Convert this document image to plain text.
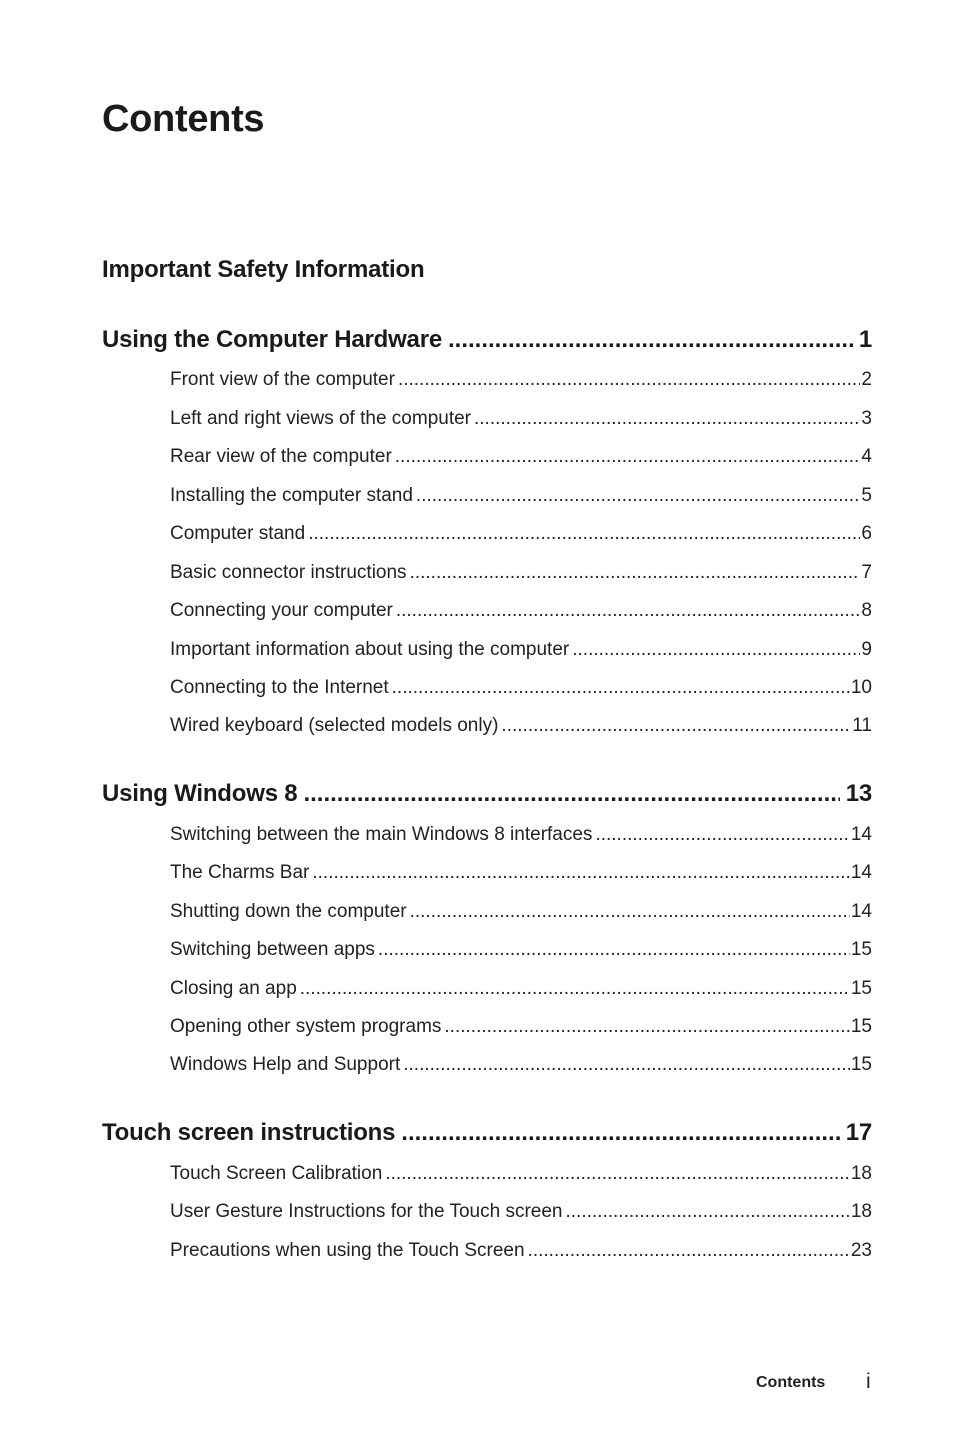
Contents
Important Safety Information
Using the Computer Hardware .....	1
Front view of the computer .....	2
Left and right views of the computer .....	3
Rear view of the computer .....	4
Installing the computer stand .....	5
Computer stand .....	6
Basic connector instructions .....	7
Connecting your computer .....	8
Important information about using the computer .....	9
Connecting to the Internet .....	10
Wired keyboard (selected models only) .....	11
Using Windows 8 .....	13
Switching between the main Windows 8 interfaces .....	14
The Charms Bar .....	14
Shutting down the computer .....	14
Switching between apps .....	15
Closing an app .....	15
Opening other system programs .....	15
Windows Help and Support .....	15
Touch screen instructions .....	17
Touch Screen Calibration .....	18
User Gesture Instructions for the Touch screen .....	18
Precautions when using the Touch Screen .....	23
Contents i
